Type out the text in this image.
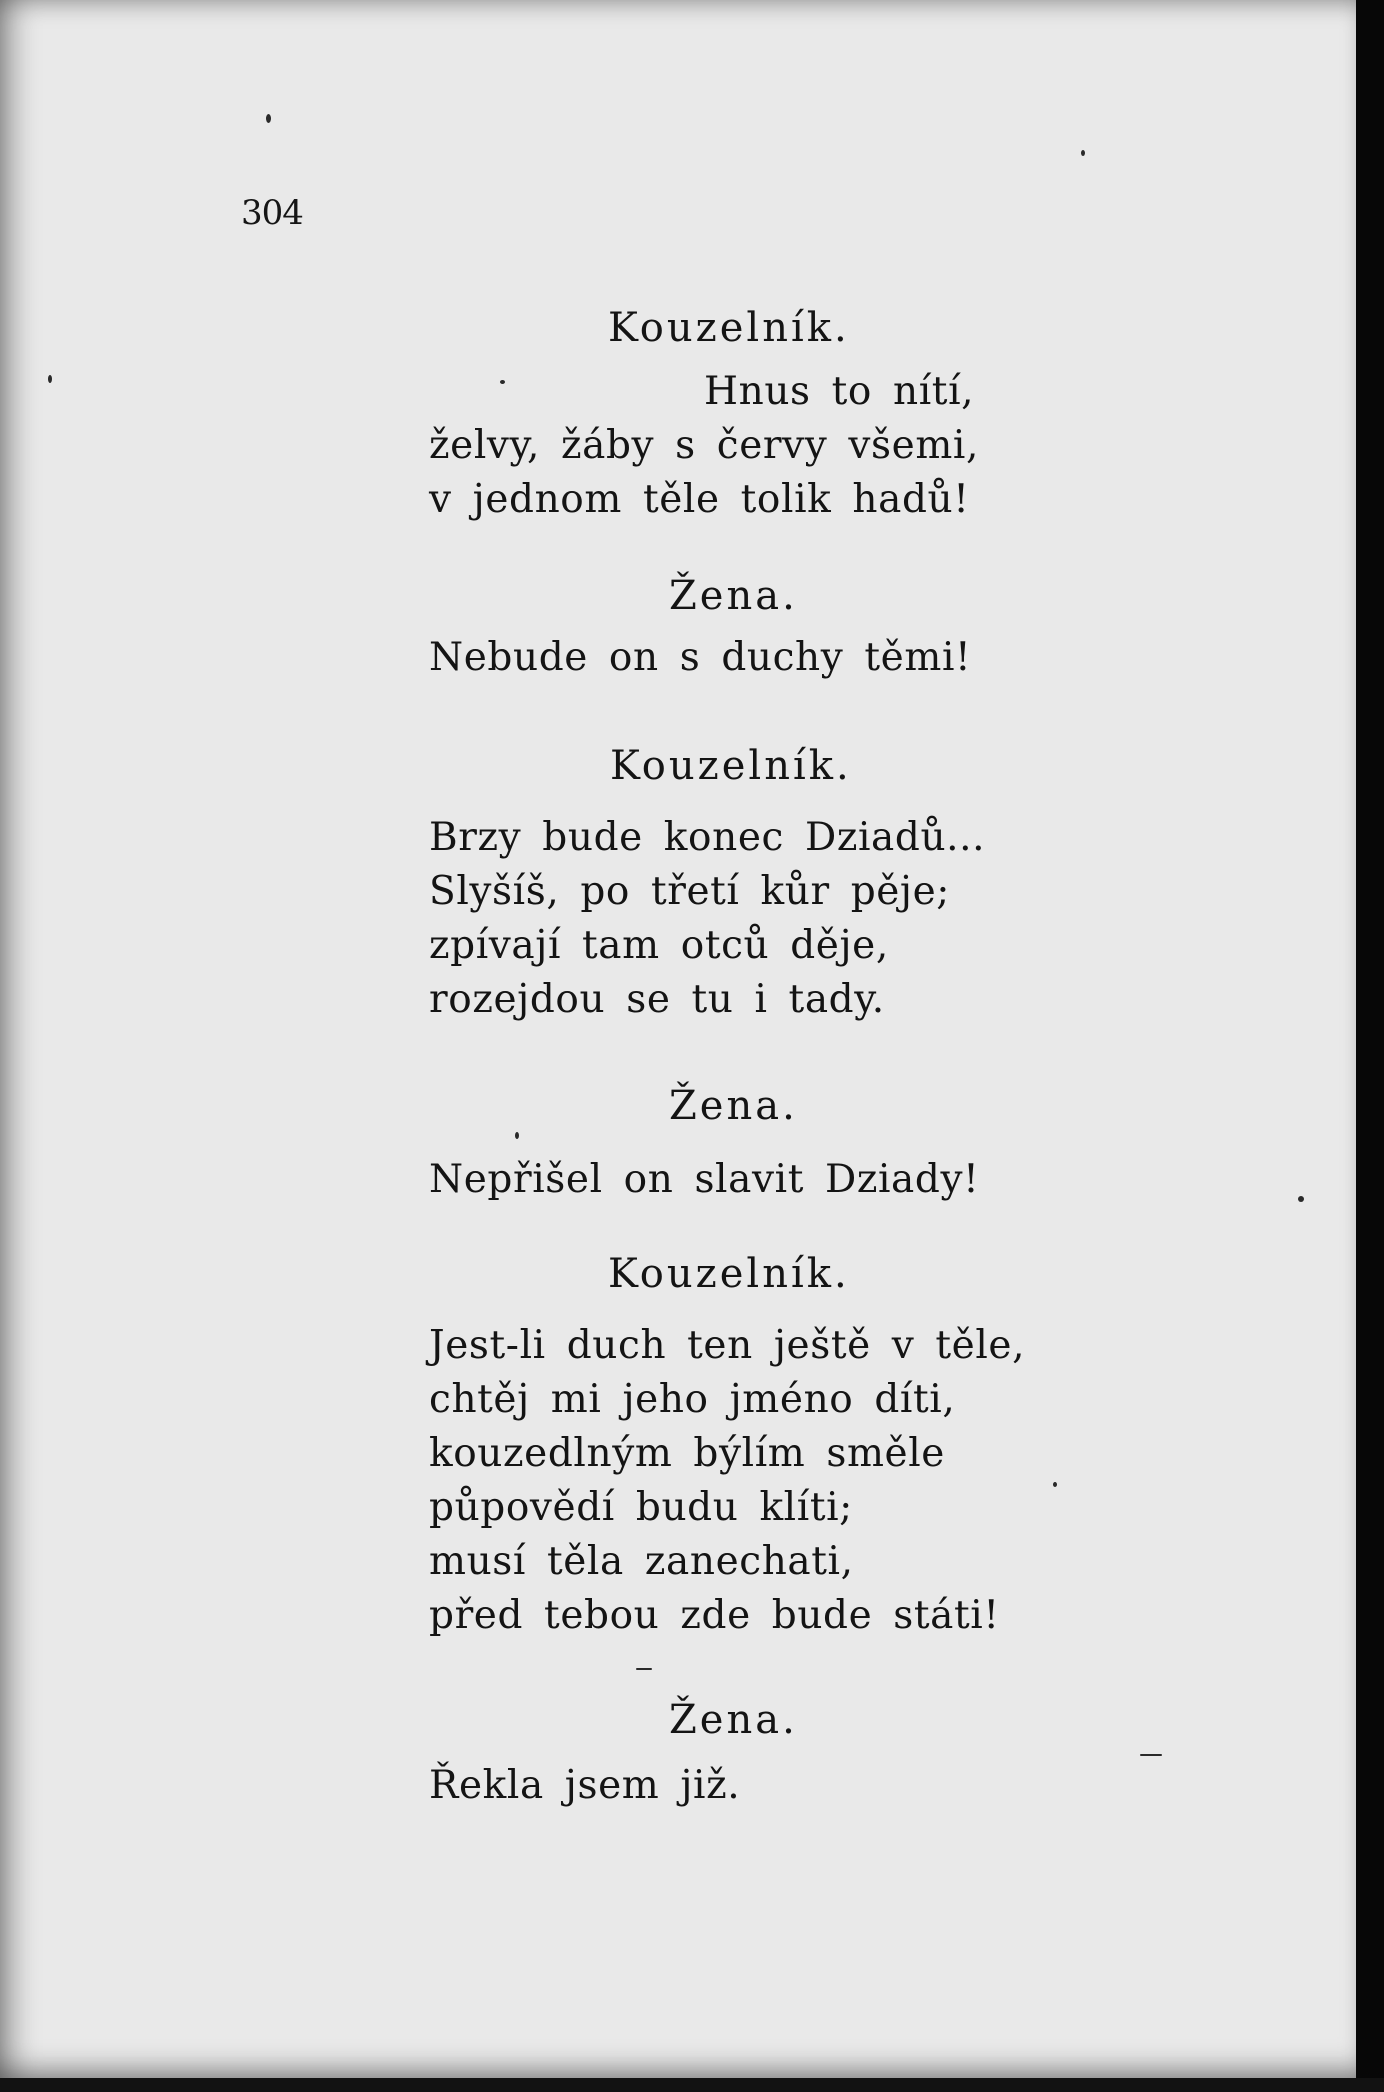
304
Kouzelník.
Hnus to nítí,
želvy, žáby s červy všemi,
v jednom těle tolik hadů!
Žena.
Nebude on s duchy těmi!
Kouzelník.
Brzy bude konec Dziadů...
Slyšíš, po třetí kůr pěje;
zpívají tam otců děje,
rozejdou se tu i tady.
Žena.
Nepřišel on slavit Dziady!
Kouzelník.
Jest-li duch ten ještě v těle,
chtěj mi jeho jméno díti,
kouzedlným býlím směle
půpovědí budu klíti;
musí těla zanechati,
před tebou zde bude státi!
Žena.
Řekla jsem již.
